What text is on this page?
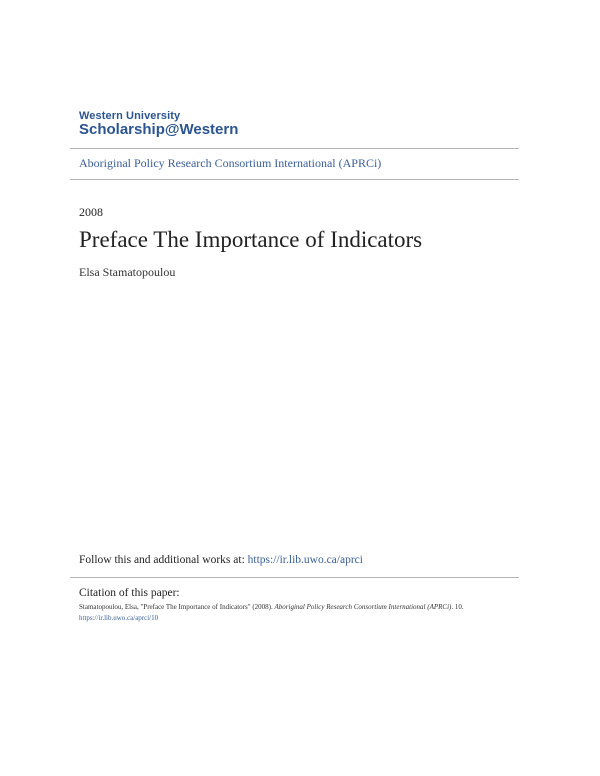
Western University
Scholarship@Western
Aboriginal Policy Research Consortium International (APRCi)
2008
Preface The Importance of Indicators
Elsa Stamatopoulou
Follow this and additional works at: https://ir.lib.uwo.ca/aprci
Citation of this paper:
Stamatopoulou, Elsa, "Preface The Importance of Indicators" (2008). Aboriginal Policy Research Consortium International (APRCi). 10.
https://ir.lib.uwo.ca/aprci/10
